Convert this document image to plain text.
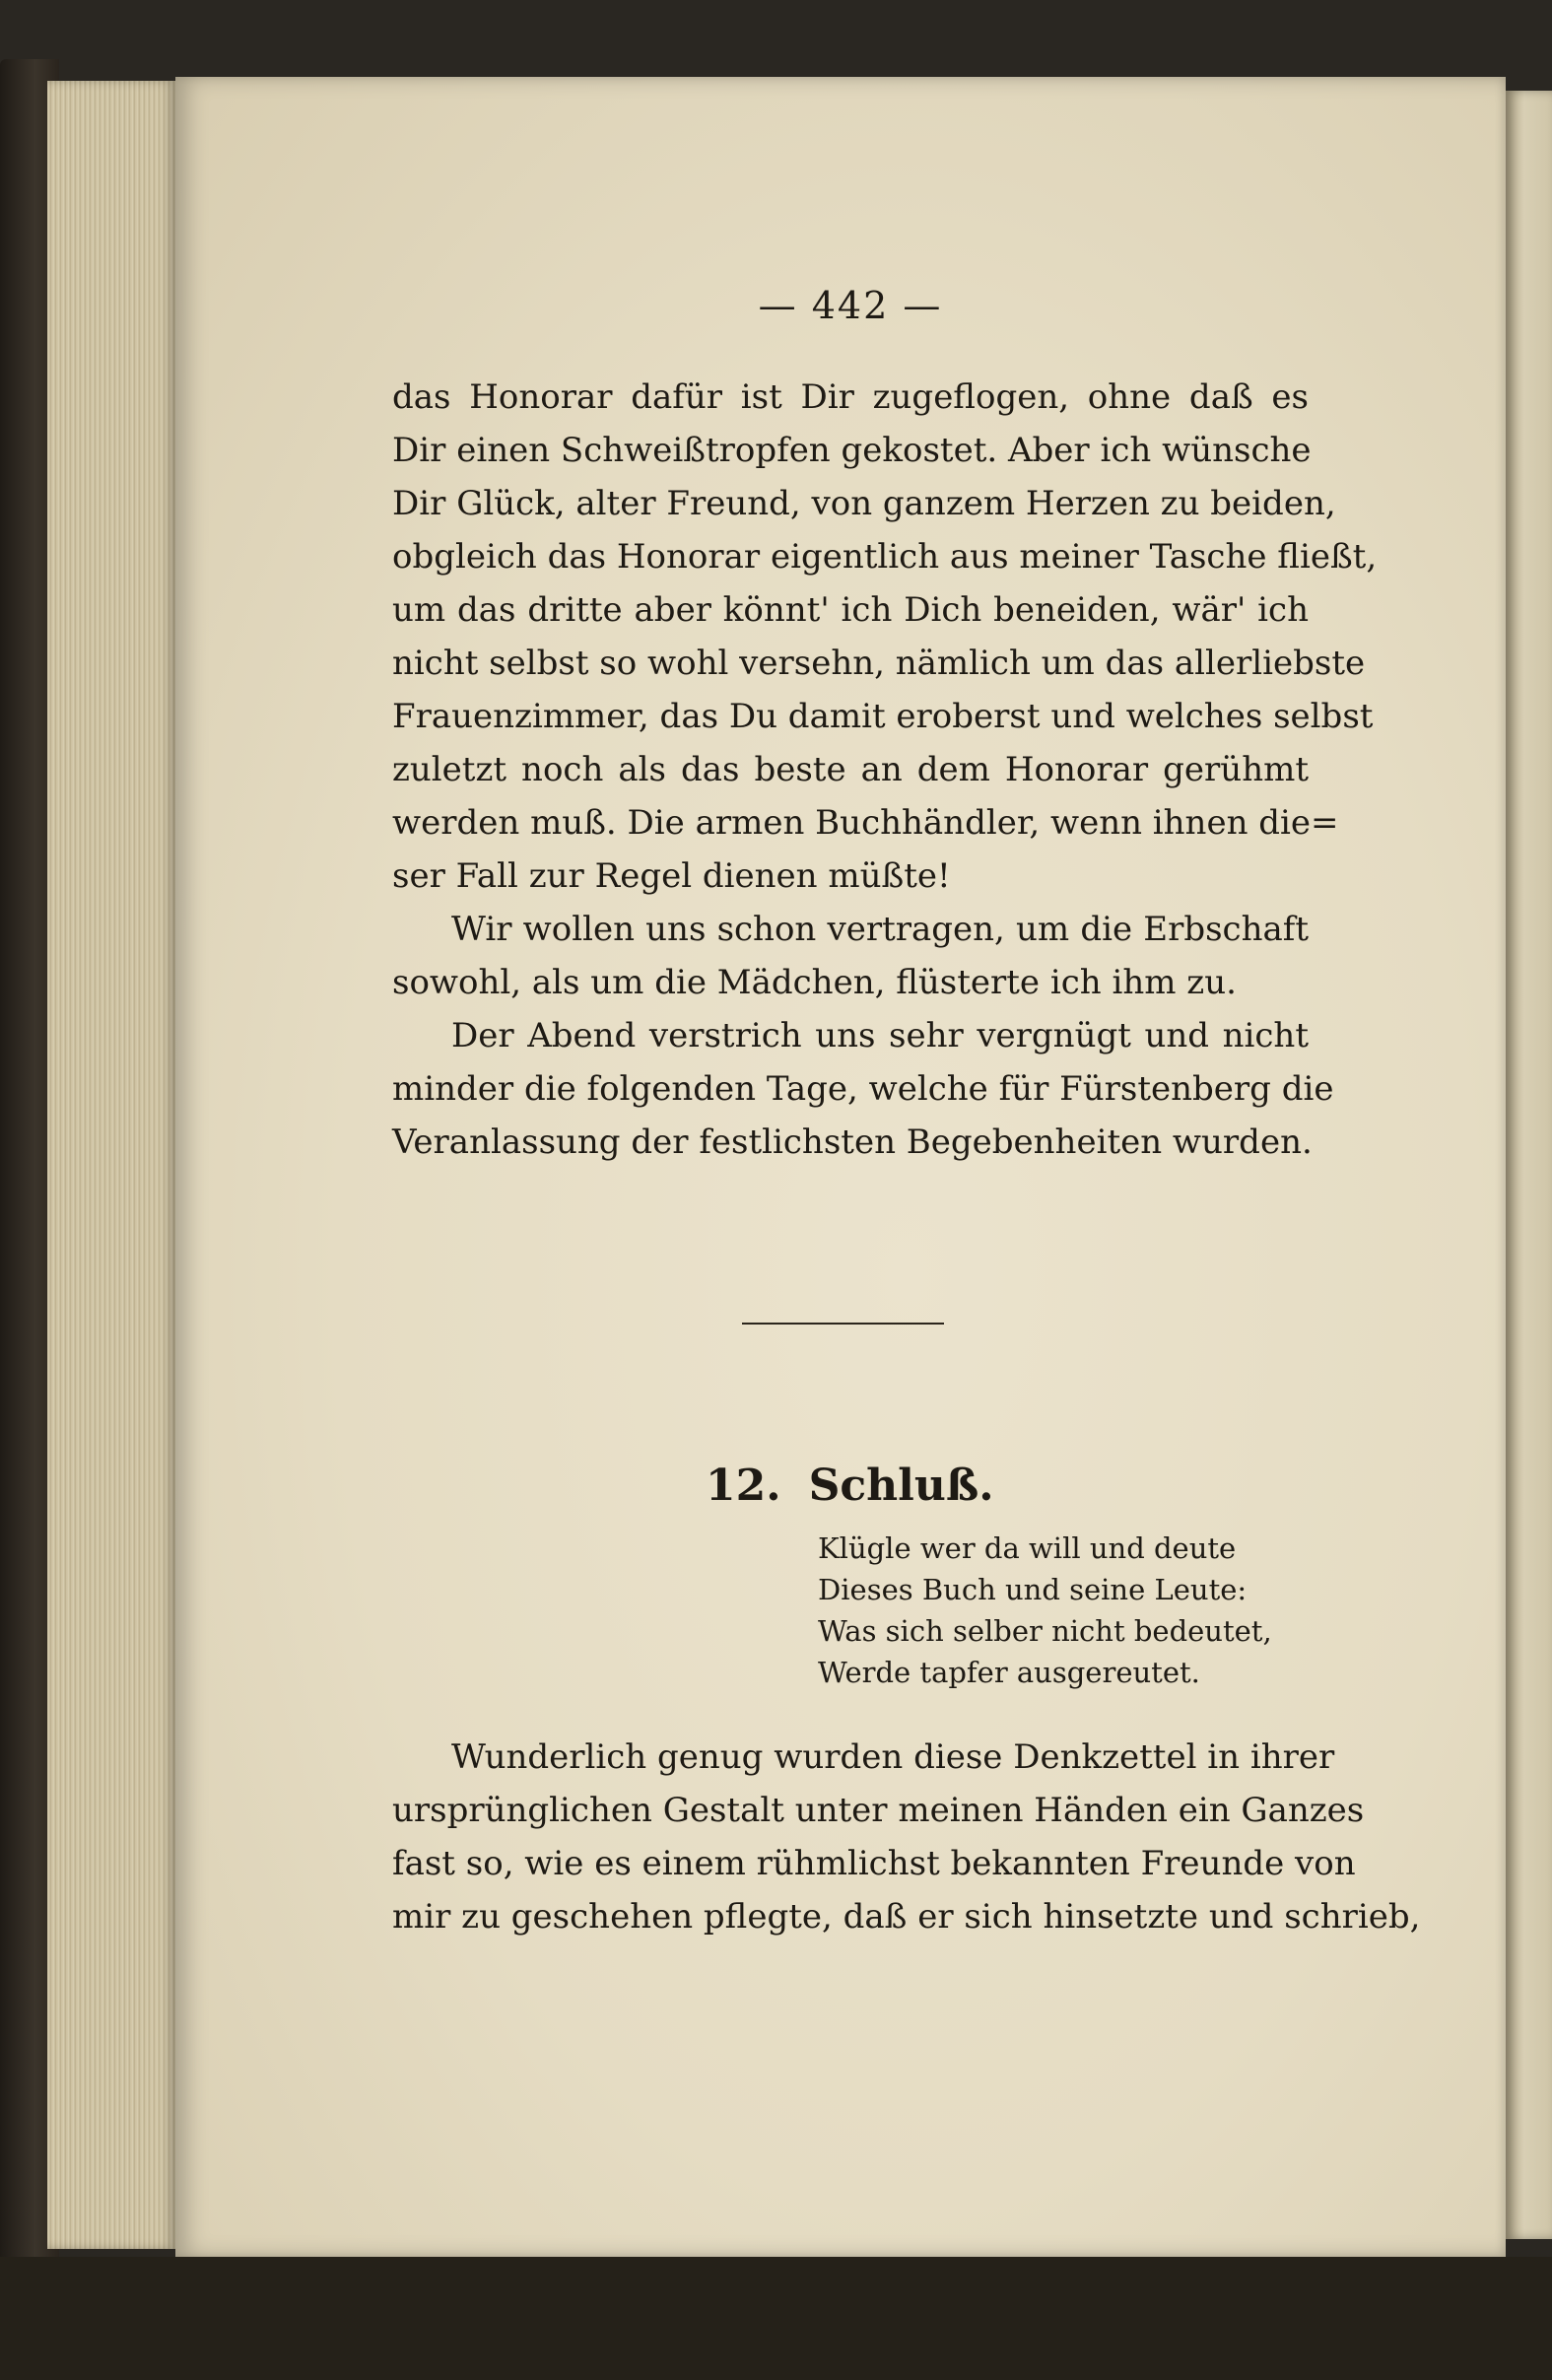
— 442 —
das Honorar dafür ist Dir zugeflogen, ohne daß es
Dir einen Schweißtropfen gekostet. Aber ich wünsche
Dir Glück, alter Freund, von ganzem Herzen zu beiden,
obgleich das Honorar eigentlich aus meiner Tasche fließt,
um das dritte aber könnt' ich Dich beneiden, wär' ich
nicht selbst so wohl versehn, nämlich um das allerliebste
Frauenzimmer, das Du damit eroberst und welches selbst
zuletzt noch als das beste an dem Honorar gerühmt
werden muß. Die armen Buchhändler, wenn ihnen die=
ser Fall zur Regel dienen müßte!
Wir wollen uns schon vertragen, um die Erbschaft
sowohl, als um die Mädchen, flüsterte ich ihm zu.
Der Abend verstrich uns sehr vergnügt und nicht
minder die folgenden Tage, welche für Fürstenberg die
Veranlassung der festlichsten Begebenheiten wurden.
12. Schluß.
Klügle wer da will und deute
Dieses Buch und seine Leute:
Was sich selber nicht bedeutet,
Werde tapfer ausgereutet.
Wunderlich genug wurden diese Denkzettel in ihrer
ursprünglichen Gestalt unter meinen Händen ein Ganzes
fast so, wie es einem rühmlichst bekannten Freunde von
mir zu geschehen pflegte, daß er sich hinsetzte und schrieb,
